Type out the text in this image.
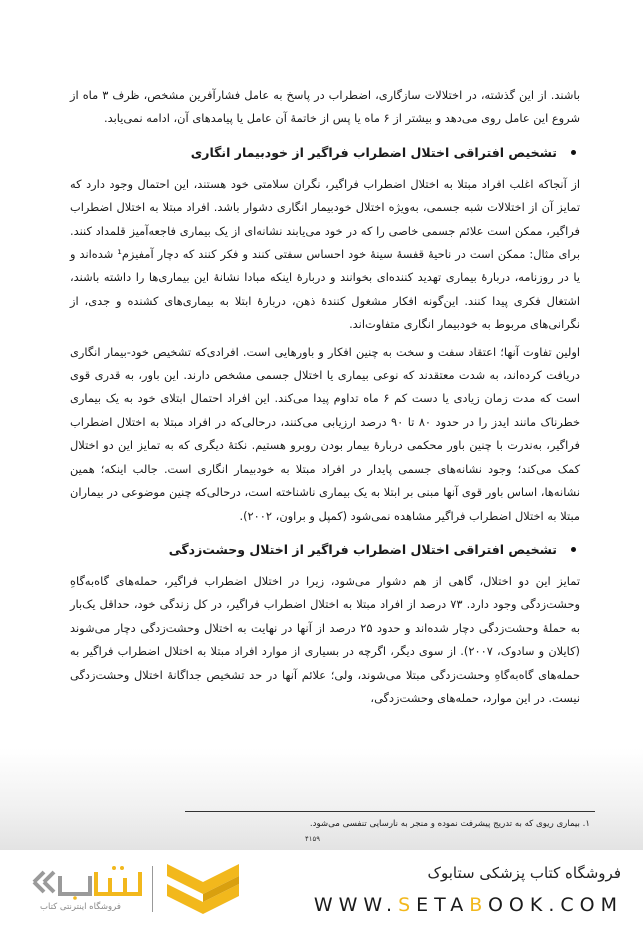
باشند. از این گذشته، در اختلالات سازگاری، اضطراب در پاسخ به عامل فشارآفرین مشخص، ظرف ۳ ماه از شروع این عامل روی می‌دهد و بیشتر از ۶ ماه یا پس از خاتمهٔ آن عامل یا پیامدهای آن، ادامه نمی‌یابد.

تشخیص افتراقی اختلال اضطراب فراگیر از خودبیمار انگاری

از آنجاکه اغلب افراد مبتلا به اختلال اضطراب فراگیر، نگران سلامتی خود هستند، این احتمال وجود دارد که تمایز آن از اختلالات شبه جسمی، به‌ویژه اختلال خودبیمار انگاری دشوار باشد. افراد مبتلا به اختلال اضطراب فراگیر، ممکن است علائم جسمی خاصی را که در خود می‌یابند نشانه‌ای از یک بیماری فاجعه‌آمیز قلمداد کنند. برای مثال: ممکن است در ناحیهٔ قفسهٔ سینهٔ خود احساس سفتی کنند و فکر کنند که دچار آمفیزم¹ شده‌اند و یا در روزنامه، دربارهٔ بیماری تهدید کننده‌ای بخوانند و دربارهٔ اینکه مبادا نشانهٔ این بیماری‌ها را داشته باشند، اشتغال فکری پیدا کنند. این‌گونه افکار مشغول کنندهٔ ذهن، دربارهٔ ابتلا به بیماری‌های کشنده و جدی، از نگرانی‌های مربوط به خودبیمار انگاری متفاوت‌اند.

اولین تفاوت آنها؛ اعتقاد سفت و سخت به چنین افکار و باورهایی است. افرادی‌که تشخیص خود-بیمار انگاری دریافت کرده‌اند، به شدت معتقدند که نوعی بیماری یا اختلال جسمی مشخص دارند. این باور، به قدری قوی است که مدت زمان زیادی یا دست کم ۶ ماه تداوم پیدا می‌کند. این افراد احتمال ابتلای خود به یک بیماری خطرناک مانند ایدز را در حدود ۸۰ تا ۹۰ درصد ارزیابی می‌کنند، درحالی‌که در افراد مبتلا به اختلال اضطراب فراگیر، به‌ندرت با چنین باور محکمی دربارهٔ بیمار بودن روبرو هستیم. نکتهٔ دیگری که به تمایز این دو اختلال کمک می‌کند؛ وجود نشانه‌های جسمی پایدار در افراد مبتلا به خودبیمار انگاری است. جالب اینکه؛ همین نشانه‌ها، اساس باور قوی آنها مبنی بر ابتلا به یک بیماری ناشناخته است، درحالی‌که چنین موضوعی در بیماران مبتلا به اختلال اضطراب فراگیر مشاهده نمی‌شود (کمپل و براون، ۲۰۰۲).

تشخیص افتراقی اختلال اضطراب فراگیر از اختلال وحشت‌زدگی

تمایز این دو اختلال، گاهی از هم دشوار می‌شود، زیرا در اختلال اضطراب فراگیر، حمله‌های گاه‌به‌گاهِ وحشت‌زدگی وجود دارد. ۷۳ درصد از افراد مبتلا به اختلال اضطراب فراگیر، در کل زندگی خود، حداقل یک‌بار به حملهٔ وحشت‌زدگی دچار شده‌اند و حدود ۲۵ درصد از آنها در نهایت به اختلال وحشت‌زدگی دچار می‌شوند (کایلان و سادوک، ۲۰۰۷). از سوی دیگر، اگرچه در بسیاری از موارد افراد مبتلا به اختلال اضطراب فراگیر به حمله‌های گاه‌به‌گاهِ وحشت‌زدگی مبتلا می‌شوند، ولی؛ علائم آنها در حد تشخیص جداگانهٔ اختلال وحشت‌زدگی نیست. در این موارد، حمله‌های وحشت‌زدگی،

۱. بیماری ریوی که به تدریج پیشرفت نموده و منجر به نارسایی تنفسی می‌شود.
۴۱۵۹
فروشگاه کتاب پزشکی ستابوک
WWW.SETABOOK.COM
فروشگاه اینترنتی کتاب
